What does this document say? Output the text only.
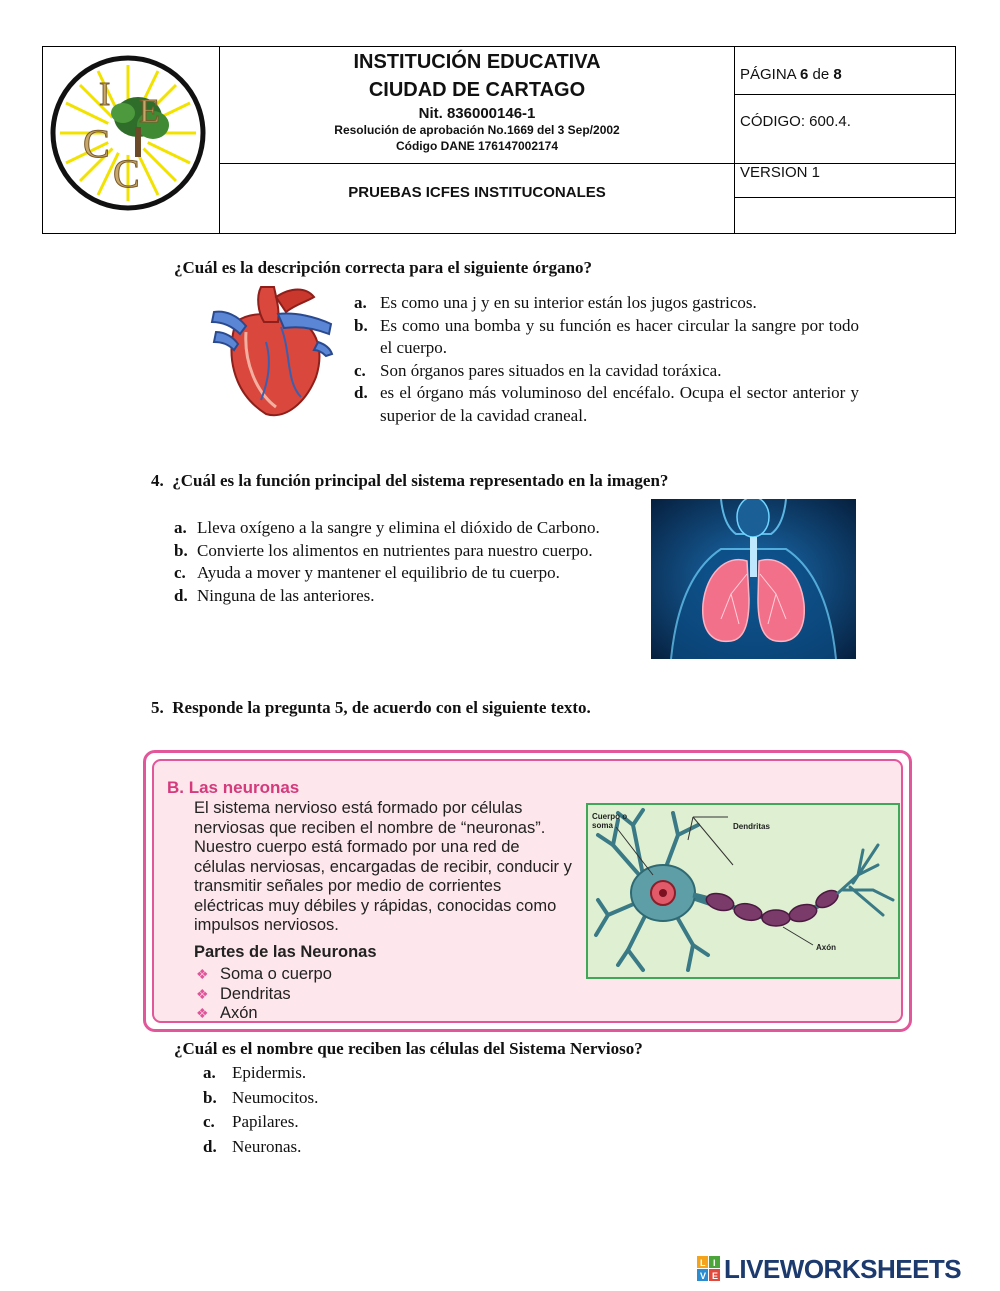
I E
C
C
INSTITUCIÓN EDUCATIVA
CIUDAD DE CARTAGO
Nit. 836000146-1
Resolución de aprobación No.1669 del 3 Sep/2002
Código DANE 176147002174
PRUEBAS ICFES INSTITUCONALES
PÁGINA 6 de 8
CÓDIGO: 600.4.
VERSION 1
¿Cuál es la descripción correcta para el siguiente órgano?
a. Es como una j y en su interior están los jugos gastricos.
b. Es como una bomba y su función es hacer circular la sangre por todo el cuerpo.
c. Son órganos pares situados en la cavidad toráxica.
d. es el órgano más voluminoso del encéfalo. Ocupa el sector anterior y superior de la cavidad craneal.
4. ¿Cuál es la función principal del sistema representado en la imagen?
a. Lleva oxígeno a la sangre y elimina el dióxido de Carbono.
b. Convierte los alimentos en nutrientes para nuestro cuerpo.
c. Ayuda a mover y mantener el equilibrio de tu cuerpo.
d. Ninguna de las anteriores.
5. Responde la pregunta 5, de acuerdo con el siguiente texto.
B. Las neuronas
El sistema nervioso está formado por células nerviosas que reciben el nombre de “neuronas”. Nuestro cuerpo está formado por una red de células nerviosas, encargadas de recibir, conducir y transmitir señales por medio de corrientes eléctricas muy débiles y rápidas, conocidas como impulsos nerviosos.
Partes de las Neuronas
❖ Soma o cuerpo
❖ Dendritas
❖ Axón
Cuerpo o
soma	Dendritas
Axón
¿Cuál es el nombre que reciben las células del Sistema Nervioso?
a. Epidermis.
b. Neumocitos.
c.	Papilares.
d. Neuronas.
L I
V E LIVEWORKSHEETS
